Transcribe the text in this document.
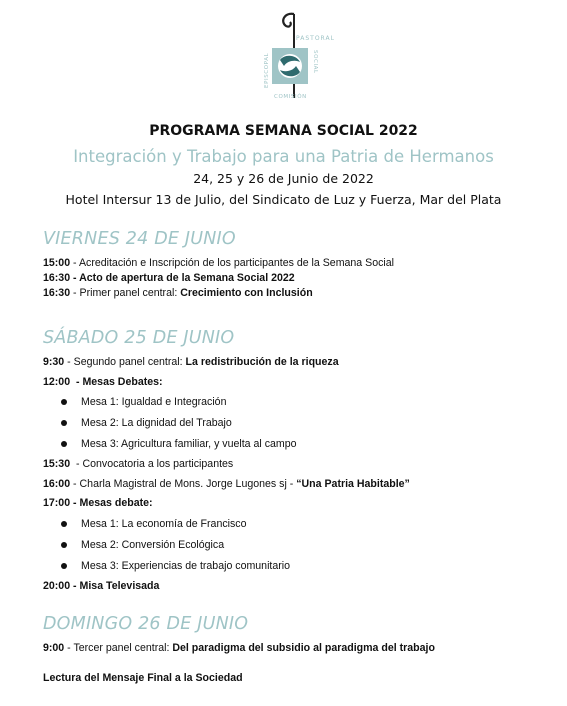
PASTORAL
EPISCOPAL	SOCIAL
COMISIÓN
PROGRAMA SEMANA SOCIAL 2022
Integración y Trabajo para una Patria de Hermanos
24, 25 y 26 de Junio de 2022
Hotel Intersur 13 de Julio, del Sindicato de Luz y Fuerza, Mar del Plata
VIERNES 24 DE JUNIO
15:00 - Acreditación e Inscripción de los participantes de la Semana Social
16:30 - Acto de apertura de la Semana Social 2022
16:30 - Primer panel central: Crecimiento con Inclusión
SÁBADO 25 DE JUNIO
9:30 - Segundo panel central: La redistribución de la riqueza
12:00  - Mesas Debates:
Mesa 1: Igualdad e Integración
Mesa 2: La dignidad del Trabajo
Mesa 3: Agricultura familiar, y vuelta al campo
15:30  - Convocatoria a los participantes
16:00 - Charla Magistral de Mons. Jorge Lugones sj - “Una Patria Habitable”
17:00 - Mesas debate:
Mesa 1: La economía de Francisco
Mesa 2: Conversión Ecológica
Mesa 3: Experiencias de trabajo comunitario
20:00 - Misa Televisada
DOMINGO 26 DE JUNIO
9:00 - Tercer panel central: Del paradigma del subsidio al paradigma del trabajo
Lectura del Mensaje Final a la Sociedad
